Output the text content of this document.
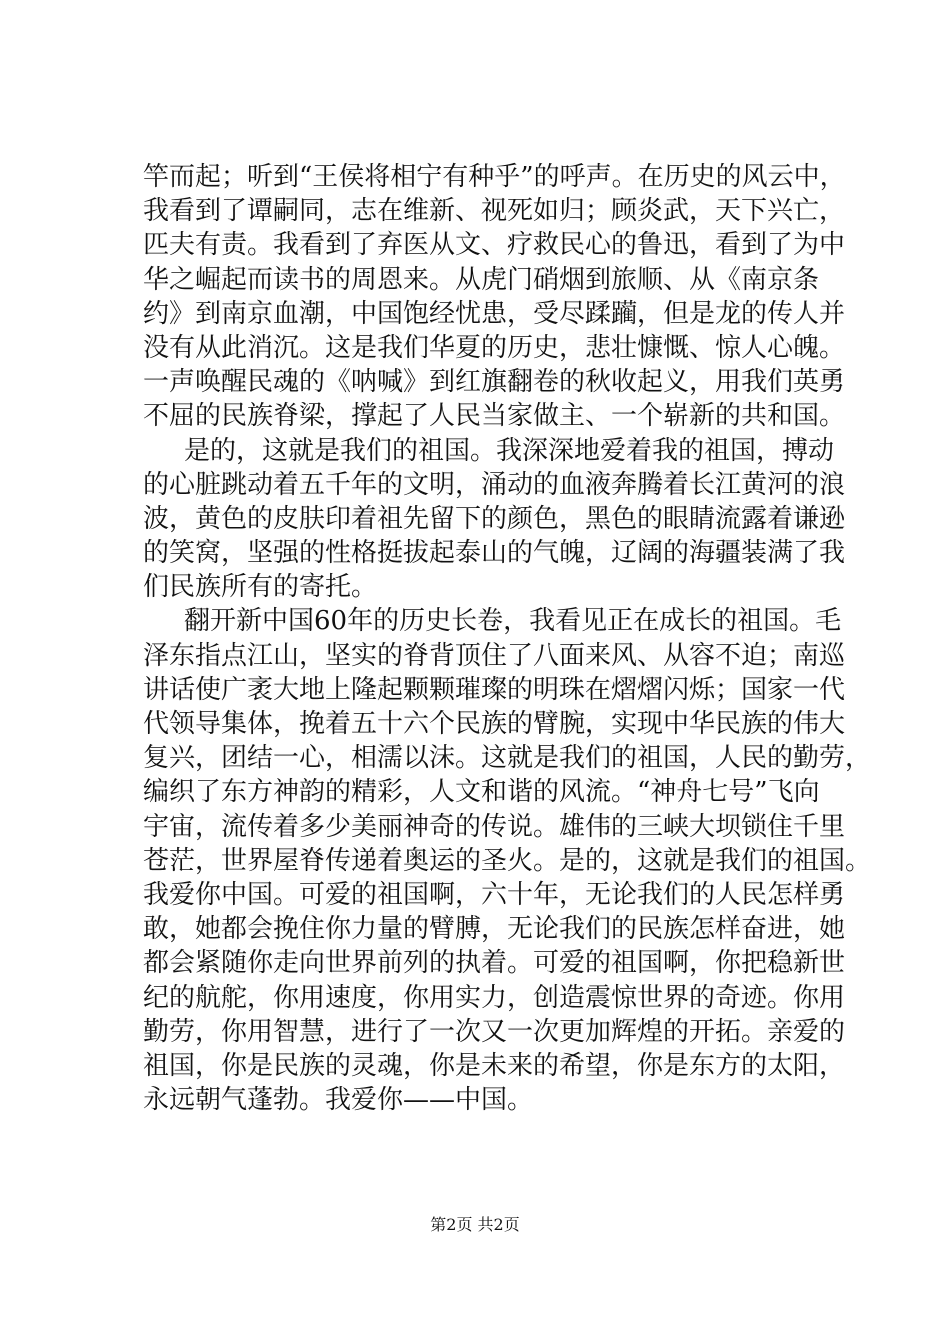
竿而起；听到“王侯将相宁有种乎”的呼声。在历史的风云中，
我看到了谭嗣同，志在维新、视死如归；顾炎武，天下兴亡，
匹夫有责。我看到了弃医从文、疗救民心的鲁迅，看到了为中
华之崛起而读书的周恩来。从虎门硝烟到旅顺、从《南京条
约》到南京血潮，中国饱经忧患，受尽蹂躏，但是龙的传人并
没有从此消沉。这是我们华夏的历史，悲壮慷慨、惊人心魄。
一声唤醒民魂的《呐喊》到红旗翻卷的秋收起义，用我们英勇
不屈的民族脊梁，撑起了人民当家做主、一个崭新的共和国。
是的，这就是我们的祖国。我深深地爱着我的祖国，搏动
的心脏跳动着五千年的文明，涌动的血液奔腾着长江黄河的浪
波，黄色的皮肤印着祖先留下的颜色，黑色的眼睛流露着谦逊
的笑窝，坚强的性格挺拔起泰山的气魄，辽阔的海疆装满了我
们民族所有的寄托。
翻开新中国60年的历史长卷，我看见正在成长的祖国。毛
泽东指点江山，坚实的脊背顶住了八面来风、从容不迫；南巡
讲话使广袤大地上隆起颗颗璀璨的明珠在熠熠闪烁；国家一代
代领导集体，挽着五十六个民族的臂腕，实现中华民族的伟大
复兴，团结一心，相濡以沫。这就是我们的祖国，人民的勤劳，
编织了东方神韵的精彩，人文和谐的风流。“神舟七号”飞向
宇宙，流传着多少美丽神奇的传说。雄伟的三峡大坝锁住千里
苍茫，世界屋脊传递着奥运的圣火。是的，这就是我们的祖国。
我爱你中国。可爱的祖国啊，六十年，无论我们的人民怎样勇
敢，她都会挽住你力量的臂膊，无论我们的民族怎样奋进，她
都会紧随你走向世界前列的执着。可爱的祖国啊，你把稳新世
纪的航舵，你用速度，你用实力，创造震惊世界的奇迹。你用
勤劳，你用智慧，进行了一次又一次更加辉煌的开拓。亲爱的
祖国，你是民族的灵魂，你是未来的希望，你是东方的太阳，
永远朝气蓬勃。我爱你——中国。
第2页 共2页
